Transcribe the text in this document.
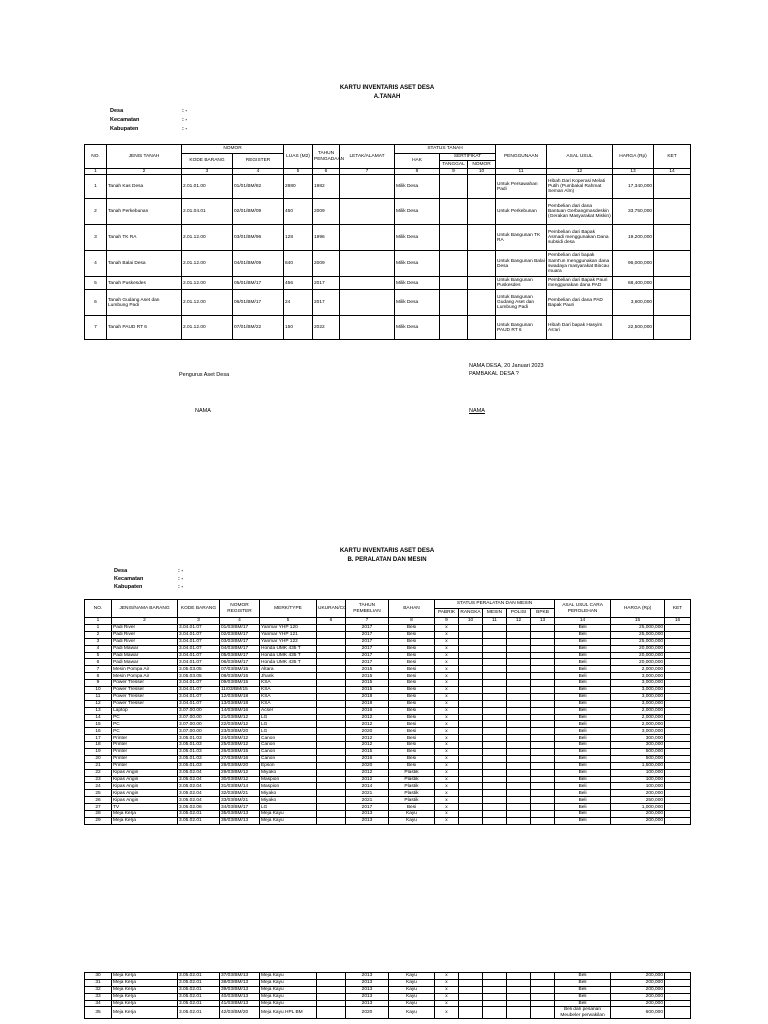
KARTU INVENTARIS ASET DESA
A.TANAH
Desa	: -
Kecamatan	: -
Kabupaten	: -
NO.	JENIS TANAH	NOMOR		LUAS (M2)	TAHUN PENGADAAN	LETAK/ALAMAT	STATUS TANAH			PENGGUNAAN	ASAL USUL	HARGA (Rp)	KET
		KODE BARANG	REGISTER				HAK	SERTIFIKAT					
								TANGGAL	NOMOR				
1	2	3	4	5	6	7	8	9	10	11	12	13	14
1	Tanah Kas Desa	2.01.01.00	01/01/BM/82	2880	1982		Milik Desa			Untuk Persawahan Padi	Hibah Dari Koperasi Melati Putih (Pumbakal Rahmat Seman Alm)	17,340,000	
2	Tanah Perkebunan	2.01.04.01	02/01/BM/09	450	2009		Milik Desa			Untuk Perkebunan	Pembelian dari dana Bantuan Gerbangmasdeskin (Gerakan Masyarakat Miskin)	33,750,000	
3	Tanah TK RA	2.01.12.00	03/01/BM/96	128	1996		Milik Desa			Untuk Bangunan TK RA	Pembelian dari Bapak Asmadi menggunakan Dana subsidi desa	19,200,000	
4	Tanah Balai Desa	2.01.12.00	04/01/BM/09	640	2009		Milik Desa			Untuk Bangunan Balai Desa	Pembelian dari bapak Samt'un menggunakan dana swadaya masyarakat Bincau muara	96,000,000	
5	Tanah Puskesdes	2.01.12.00	05/01/BM/17	456	2017		Milik Desa			Untuk Bangunan Puskesdes	Pembelian dari Bapak Pauri menggunakan dana PAD	68,400,000	
6	Tanah Gudang Aset dan Lumbung Padi	2.01.12.00	06/01/BM/17	24	2017		Milik Desa			Untuk Bangunan Gudang Aset dan Lumbung Padi	Pembelian dari dana PAD Bapak Pauri	3,600,000	
7	Tanah PAUD RT 6	2.01.12.00	07/01/BM/22	150	2022		Milik Desa			Untuk Bangunan PAUD RT 6	Hibah Dari bapak Hasyim As'ari	22,500,000	
NAMA DESA, 20 Januari 2023
PAMBAKAL DESA ?
Pengurus Aset Desa
NAMA	NAMA
KARTU INVENTARIS ASET DESA
B. PERALATAN DAN MESIN
Desa	: -
Kecamatan	: -
Kabupaten	: -
NO.	JENIS/NAMA BARANG	KODE BARANG	NOMOR REGISTER	MERK/TYPE	UKURAN/CC	TAHUN PEMBELIAN	BAHAN	STATUS PERALATAN DAN MESIN					ASAL USUL CARA PEROLEHAN	HARGA (Rp)	KET
								PABRIK	RANGKA	MESIN	POLISI	BPKB			
1	2	3	4	5	6	7	8	9	10	11	12	13	14	15	16
1	Padi River	3.04.01.07	01/03/BM/17	Yanmar YHP 120		2017	Besi	x					Beli	25,000,000	
2	Padi River	3.04.01.07	02/03/BM/17	Yanmar YHP 121		2017	Besi	x					Beli	25,000,000	
3	Padi River	3.04.01.07	03/03/BM/17	Yanmar YHP 122		2017	Besi	x					Beli	25,000,000	
4	Padi Mawar	3.04.01.07	04/03/BM/17	Honda UMK 435 T		2017	Besi	x					Beli	20,000,000	
5	Padi Mawar	3.04.01.07	05/03/BM/17	Honda UMK 435 T		2017	Besi	x					Beli	20,000,000	
6	Padi Mawar	3.04.01.07	06/03/BM/17	Honda UMK 435 T		2017	Besi	x					Beli	20,000,000	
7	Mesin Pompa Air	3.05.03.05	07/03/BM/15	Altara		2015	Besi	x					Beli	2,000,000	
8	Mesin Pompa Air	3.05.03.05	08/03/BM/15	Jhank		2015	Besi	x					Beli	3,000,000	
9	Power Tresser	3.04.01.07	09/03/BM/15	KSA		2015	Besi	x					Beli	3,000,000	
10	Power Tresser	3.04.01.07	11/03/BM/15	KSA		2015	Besi	x					Beli	3,000,000	
11	Power Tresser	3.04.01.07	12/03/BM/18	KSA		2018	Besi	x					Beli	3,000,000	
12	Power Tresser	3.04.01.07	13/03/BM/18	KSA		2018	Besi	x					Beli	3,000,000	
13	Laptop	3.07.00.00	14/03/BM/16	Acser		2016	Besi	x					Beli	2,000,000	
14	PC	3.07.00.00	21/03/BM/12	LG		2012	Besi	x					Beli	2,000,000	
15	PC	3.07.00.00	22/03/BM/12	LG		2012	Besi	x					Beli	2,000,000	
16	PC	3.07.00.00	23/03/BM/20	LG		2020	Besi	x					Beli	3,000,000	
17	Printer	3.05.01.03	24/03/BM/12	Canon		2012	Besi	x					Beli	300,000	
18	Printer	3.05.01.03	25/03/BM/12	Canon		2012	Besi	x					Beli	300,000	
19	Printer	3.05.01.03	26/03/BM/15	Canon		2015	Besi	x					Beli	500,000	
20	Printer	3.05.01.03	27/03/BM/16	Canon		2016	Besi	x					Beli	500,000	
21	Printer	3.05.01.03	28/03/BM/20	Epson		2020	Besi	x					Beli	1,500,000	
22	Kipas Angin	3.05.02.04	29/03/BM/12	Miyako		2012	Plastik	x					Beli	100,000	
23	Kipas Angin	3.05.02.04	30/03/BM/12	Maspion		2012	Plastik	x					Beli	100,000	
24	Kipas Angin	3.05.02.04	31/03/BM/14	Maspion		2014	Plastik	x					Beli	100,000	
25	Kipas Angin	3.05.02.04	32/03/BM/21	Miyako		2021	Plastik	x					Beli	200,000	
26	Kipas Angin	3.05.02.04	33/03/BM/21	Miyako		2021	Plastik	x					Beli	250,000	
27	TV	3.05.02.06	34/03/BM/17	LG		2017	Besi	x					Beli	1,000,000	
28	Meja Kerja	3.05.02.01	35/03/BM/13	Meja Kayu		2013	Kayu	x					Beli	200,000	
29	Meja Kerja	3.05.02.01	36/03/BM/13	Meja Kayu		2013	Kayu	x					Beli	200,000	
30	Meja Kerja	3.05.02.01	37/03/BM/13	Meja Kayu		2013	Kayu	x					Beli	200,000	
31	Meja Kerja	3.05.02.01	38/03/BM/13	Meja Kayu		2013	Kayu	x					Beli	200,000	
32	Meja Kerja	3.05.02.01	39/03/BM/13	Meja Kayu		2013	Kayu	x					Beli	200,000	
33	Meja Kerja	3.05.02.01	40/03/BM/13	Meja Kayu		2013	Kayu	x					Beli	200,000	
34	Meja Kerja	3.05.02.01	41/03/BM/13	Meja Kayu		2013	Kayu	x					Beli	200,000	
35	Meja Kerja	3.05.02.01	42/03/BM/20	Meja Kayu HPL BM		2020	Kayu	x					Beli dari pesanan Meubeler perwakilan	600,000	
